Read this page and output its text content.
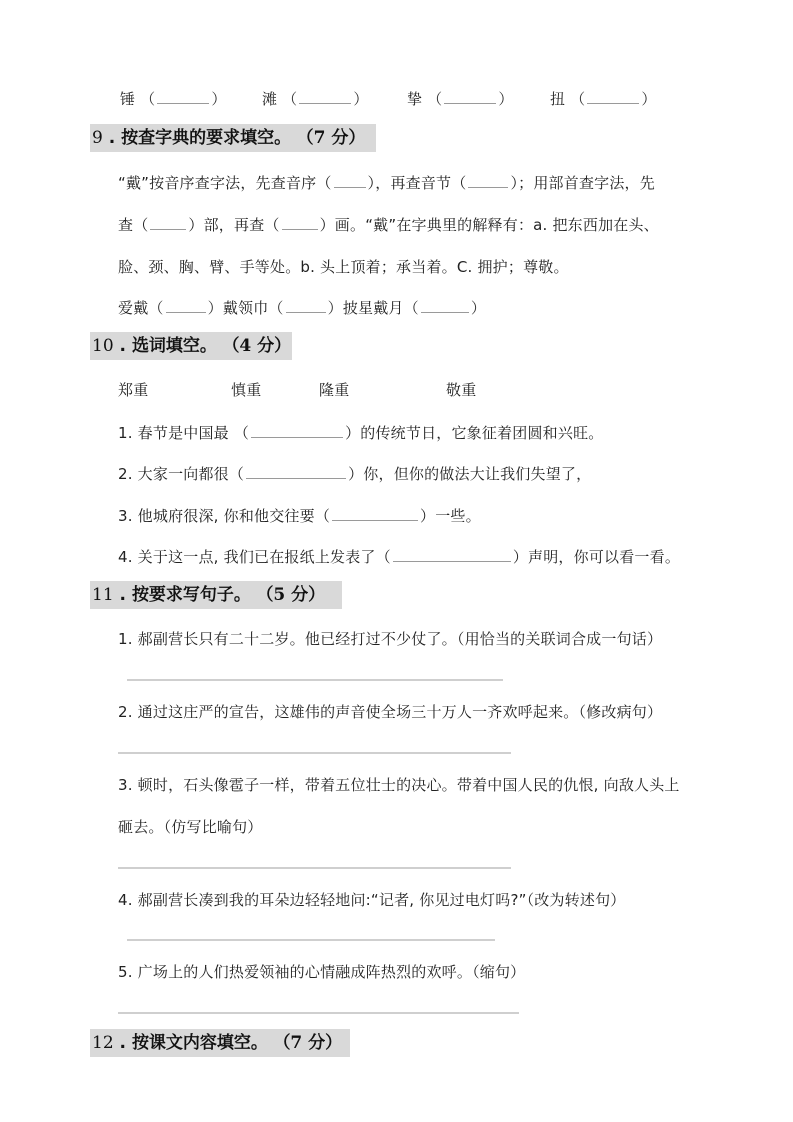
锤 （	） 滩 （	）	挚 （	） 扭 （	）
9 . 按查字典的要求填空。 （7 分）
“戴”按音序查字法，先查音序（ ），再查音节（	）；用部首查字法，先
查（	）部，再查（	）画。“戴”在字典里的解释有：a. 把东西加在头、
脸、颈、胸、臂、手等处。b. 头上顶着；承当着。C. 拥护；尊敬。
爱戴（	）戴领巾（	）披星戴月（	）
10 . 选词填空。 （4 分）
郑重	慎重	隆重	敬重
1. 春节是中国最 （	）的传统节日，它象征着团圆和兴旺。
2. 大家一向都很（	）你，但你的做法大让我们失望了，
3. 他城府很深, 你和他交往要（	）一些。
4. 关于这一点, 我们已在报纸上发表了（	）声明，你可以看一看。
11 . 按要求写句子。 （5 分）
1. 郝副营长只有二十二岁。他已经打过不少仗了。（用恰当的关联词合成一句话）
2. 通过这庄严的宣告，这雄伟的声音使全场三十万人一齐欢呼起来。（修改病句）
3. 顿时，石头像雹子一样，带着五位壮士的决心。带着中国人民的仇恨, 向敌人头上
砸去。（仿写比喻句）
4. 郝副营长凑到我的耳朵边轻轻地问:“记者, 你见过电灯吗?”（改为转述句）
5. 广场上的人们热爱领袖的心情融成阵热烈的欢呼。（缩句）
12 . 按课文内容填空。 （7 分）
